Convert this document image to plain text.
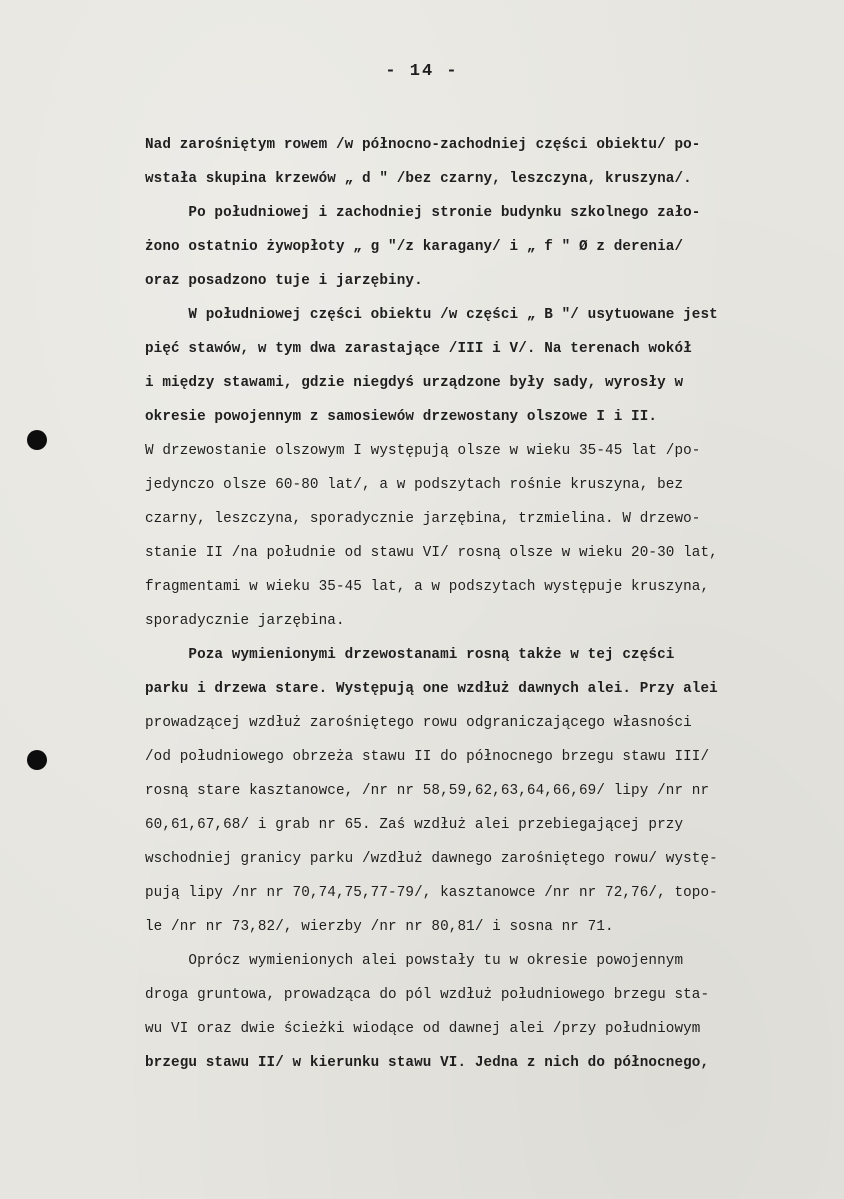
- 14 -
Nad zarośniętym rowem /w północno-zachodniej części obiektu/ po-
wstała skupina krzewów „ d " /bez czarny, leszczyna, kruszyna/.
Po południowej i zachodniej stronie budynku szkolnego zało-
żono ostatnio żywopłoty „ g "/z karagany/ i „ f " Ø z derenia/
oraz posadzono tuje i jarzębiny.
W południowej części obiektu /w części „ B "/ usytuowane jest
pięć stawów, w tym dwa zarastające /III i V/. Na terenach wokół
i między stawami, gdzie niegdyś urządzone były sady, wyrosły w
okresie powojennym z samosiewów drzewostany olszowe I i II.
W drzewostanie olszowym I występują olsze w wieku 35-45 lat /po-
jedynczo olsze 60-80 lat/, a w podszytach rośnie kruszyna, bez
czarny, leszczyna, sporadycznie jarzębina, trzmielina. W drzewo-
stanie II /na południe od stawu VI/ rosną olsze w wieku 20-30 lat,
fragmentami w wieku 35-45 lat, a w podszytach występuje kruszyna,
sporadycznie jarzębina.
Poza wymienionymi drzewostanami rosną także w tej części
parku i drzewa stare. Występują one wzdłuż dawnych alei. Przy alei
prowadzącej wzdłuż zarośniętego rowu odgraniczającego własności
/od południowego obrzeża stawu II do północnego brzegu stawu III/
rosną stare kasztanowce, /nr nr 58,59,62,63,64,66,69/ lipy /nr nr
60,61,67,68/ i grab nr 65. Zaś wzdłuż alei przebiegającej przy
wschodniej granicy parku /wzdłuż dawnego zarośniętego rowu/ wystę-
pują lipy /nr nr 70,74,75,77-79/, kasztanowce /nr nr 72,76/, topo-
le /nr nr 73,82/, wierzby /nr nr 80,81/ i sosna nr 71.
Oprócz wymienionych alei powstały tu w okresie powojennym
droga gruntowa, prowadząca do pól wzdłuż południowego brzegu sta-
wu VI oraz dwie ścieżki wiodące od dawnej alei /przy południowym
brzegu stawu II/ w kierunku stawu VI. Jedna z nich do północnego,
